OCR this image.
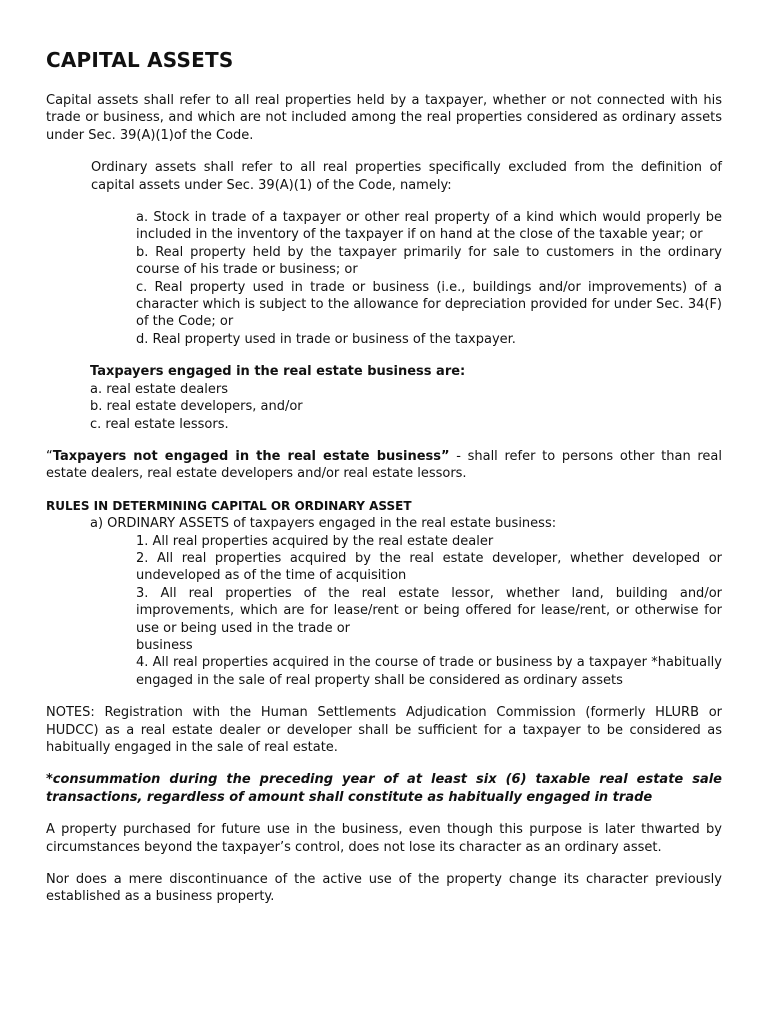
CAPITAL ASSETS

Capital assets shall refer to all real properties held by a taxpayer, whether or not connected with his trade or business, and which are not included among the real properties considered as ordinary assets under Sec. 39(A)(1)of the Code.

Ordinary assets shall refer to all real properties specifically excluded from the definition of capital assets under Sec. 39(A)(1) of the Code, namely:

a. Stock in trade of a taxpayer or other real property of a kind which would properly be included in the inventory of the taxpayer if on hand at the close of the taxable year; or

b. Real property held by the taxpayer primarily for sale to customers in the ordinary course of his trade or business; or

c. Real property used in trade or business (i.e., buildings and/or improvements) of a character which is subject to the allowance for depreciation provided for under Sec. 34(F) of the Code; or

d. Real property used in trade or business of the taxpayer.

Taxpayers engaged in the real estate business are:

a. real estate dealers

b. real estate developers, and/or

c. real estate lessors.

“Taxpayers not engaged in the real estate business” - shall refer to persons other than real estate dealers, real estate developers and/or real estate lessors.

RULES IN DETERMINING CAPITAL OR ORDINARY ASSET

a) ORDINARY ASSETS of taxpayers engaged in the real estate business:

1. All real properties acquired by the real estate dealer

2. All real properties acquired by the real estate developer, whether developed or undeveloped as of the time of acquisition

3. All real properties of the real estate lessor, whether land, building and/or improvements, which are for lease/rent or being offered for lease/rent, or otherwise for use or being used in the trade or

business

4. All real properties acquired in the course of trade or business by a taxpayer *habitually engaged in the sale of real property shall be considered as ordinary assets

NOTES: Registration with the Human Settlements Adjudication Commission (formerly HLURB or HUDCC) as a real estate dealer or developer shall be sufficient for a taxpayer to be considered as habitually engaged in the sale of real estate.

*consummation during the preceding year of at least six (6) taxable real estate sale transactions, regardless of amount shall constitute as habitually engaged in trade

A property purchased for future use in the business, even though this purpose is later thwarted by circumstances beyond the taxpayer’s control, does not lose its character as an ordinary asset.

Nor does a mere discontinuance of the active use of the property change its character previously established as a business property.
